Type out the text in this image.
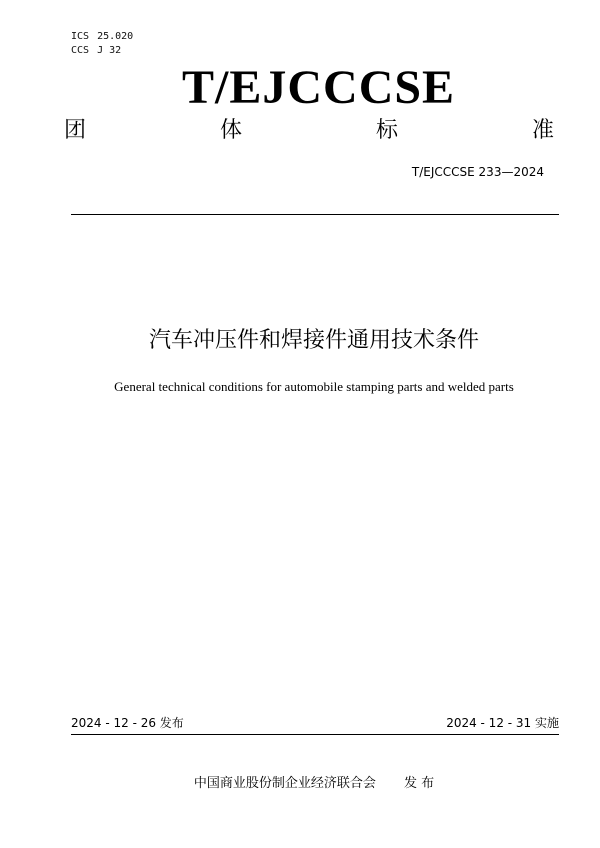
ICS 25.020
CCS J 32
T/EJCCCSE
团	体	标	准
T/EJCCCSE 233—2024
汽车冲压件和焊接件通用技术条件
General technical conditions for automobile stamping parts and welded parts
2024 - 12 - 26 发布	2024 - 12 - 31 实施
中国商业股份制企业经济联合会 发 布
